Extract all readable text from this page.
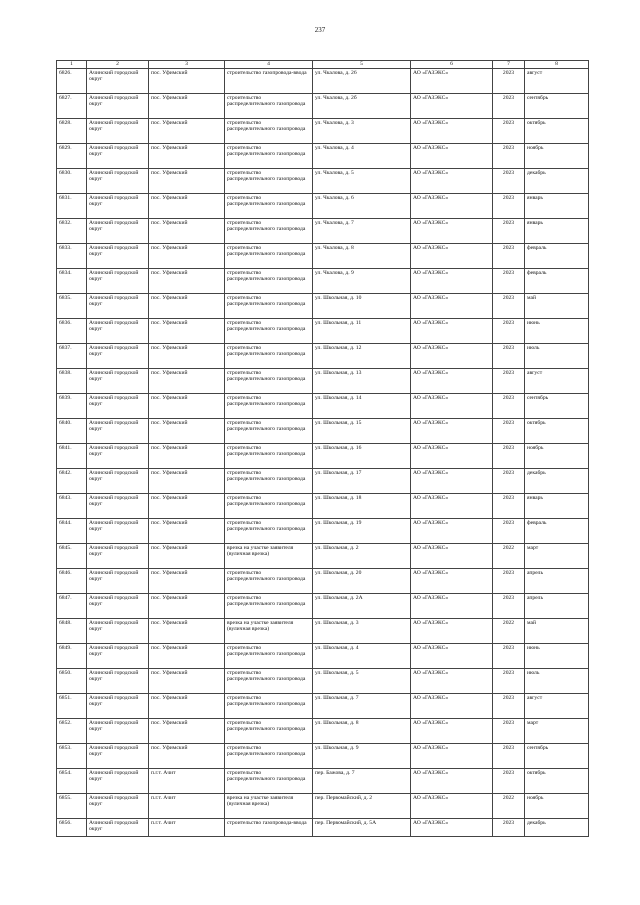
237
1	2	3	4	5	6	7	8
6826.	Ачинский городской округ	пос. Уфимский	строительство газопровода-ввода	ул. Чкалова, д. 26	АО «ГАЗЭКС»	2023	август
6827.	Ачинский городской округ	пос. Уфимский	строительство распределительного газопровода	ул. Чкалова, д. 2б	АО «ГАЗЭКС»	2023	сентябрь
6828.	Ачинский городской округ	пос. Уфимский	строительство распределительного газопровода	ул. Чкалова, д. 3	АО «ГАЗЭКС»	2023	октябрь
6829.	Ачинский городской округ	пос. Уфимский	строительство распределительного газопровода	ул. Чкалова, д. 4	АО «ГАЗЭКС»	2023	ноябрь
6830.	Ачинский городской округ	пос. Уфимский	строительство распределительного газопровода	ул. Чкалова, д. 5	АО «ГАЗЭКС»	2023	декабрь
6831.	Ачинский городской округ	пос. Уфимский	строительство распределительного газопровода	ул. Чкалова, д. 6	АО «ГАЗЭКС»	2023	январь
6832.	Ачинский городской округ	пос. Уфимский	строительство распределительного газопровода	ул. Чкалова, д. 7	АО «ГАЗЭКС»	2023	январь
6833.	Ачинский городской округ	пос. Уфимский	строительство распределительного газопровода	ул. Чкалова, д. 8	АО «ГАЗЭКС»	2023	февраль
6834.	Ачинский городской округ	пос. Уфимский	строительство распределительного газопровода	ул. Чкалова, д. 9	АО «ГАЗЭКС»	2023	февраль
6835.	Ачинский городской округ	пос. Уфимский	строительство распределительного газопровода	ул. Школьная, д. 10	АО «ГАЗЭКС»	2023	май
6836.	Ачинский городской округ	пос. Уфимский	строительство распределительного газопровода	ул. Школьная, д. 11	АО «ГАЗЭКС»	2023	июнь
6837.	Ачинский городской округ	пос. Уфимский	строительство распределительного газопровода	ул. Школьная, д. 12	АО «ГАЗЭКС»	2023	июль
6838.	Ачинский городской округ	пос. Уфимский	строительство распределительного газопровода	ул. Школьная, д. 13	АО «ГАЗЭКС»	2023	август
6839.	Ачинский городской округ	пос. Уфимский	строительство распределительного газопровода	ул. Школьная, д. 14	АО «ГАЗЭКС»	2023	сентябрь
6840.	Ачинский городской округ	пос. Уфимский	строительство распределительного газопровода	ул. Школьная, д. 15	АО «ГАЗЭКС»	2023	октябрь
6841.	Ачинский городской округ	пос. Уфимский	строительство распределительного газопровода	ул. Школьная, д. 16	АО «ГАЗЭКС»	2023	ноябрь
6842.	Ачинский городской округ	пос. Уфимский	строительство распределительного газопровода	ул. Школьная, д. 17	АО «ГАЗЭКС»	2023	декабрь
6843.	Ачинский городской округ	пос. Уфимский	строительство распределительного газопровода	ул. Школьная, д. 18	АО «ГАЗЭКС»	2023	январь
6844.	Ачинский городской округ	пос. Уфимский	строительство распределительного газопровода	ул. Школьная, д. 19	АО «ГАЗЭКС»	2023	февраль
6845.	Ачинский городской округ	пос. Уфимский	врезка на участке заявителя (вуличная врезка)	ул. Школьная, д. 2	АО «ГАЗЭКС»	2022	март
6846.	Ачинский городской округ	пос. Уфимский	строительство распределительного газопровода	ул. Школьная, д. 20	АО «ГАЗЭКС»	2023	апрель
6847.	Ачинский городской округ	пос. Уфимский	строительство распределительного газопровода	ул. Школьная, д. 2А	АО «ГАЗЭКС»	2023	апрель
6848.	Ачинский городской округ	пос. Уфимский	врезка на участке заявителя (вуличная врезка)	ул. Школьная, д. 3	АО «ГАЗЭКС»	2022	май
6849.	Ачинский городской округ	пос. Уфимский	строительство распределительного газопровода	ул. Школьная, д. 4	АО «ГАЗЭКС»	2023	июнь
6850.	Ачинский городской округ	пос. Уфимский	строительство распределительного газопровода	ул. Школьная, д. 5	АО «ГАЗЭКС»	2023	июль
6851.	Ачинский городской округ	пос. Уфимский	строительство распределительного газопровода	ул. Школьная, д. 7	АО «ГАЗЭКС»	2023	август
6852.	Ачинский городской округ	пос. Уфимский	строительство распределительного газопровода	ул. Школьная, д. 8	АО «ГАЗЭКС»	2023	март
6853.	Ачинский городской округ	пос. Уфимский	строительство распределительного газопровода	ул. Школьная, д. 9	АО «ГАЗЭКС»	2023	сентябрь
6854.	Ачинский городской округ	п.г.т. Ачит	строительство распределительного газопровода	пер. Бажова, д. 7	АО «ГАЗЭКС»	2023	октябрь
6855.	Ачинский городской округ	п.г.т. Ачит	врезка на участке заявителя (вуличная врезка)	пер. Первомайский, д. 2	АО «ГАЗЭКС»	2022	ноябрь
6856.	Ачинский городской округ	п.г.т. Ачит	строительство газопровода-ввода	пер. Первомайский, д. 5А	АО «ГАЗЭКС»	2023	декабрь
